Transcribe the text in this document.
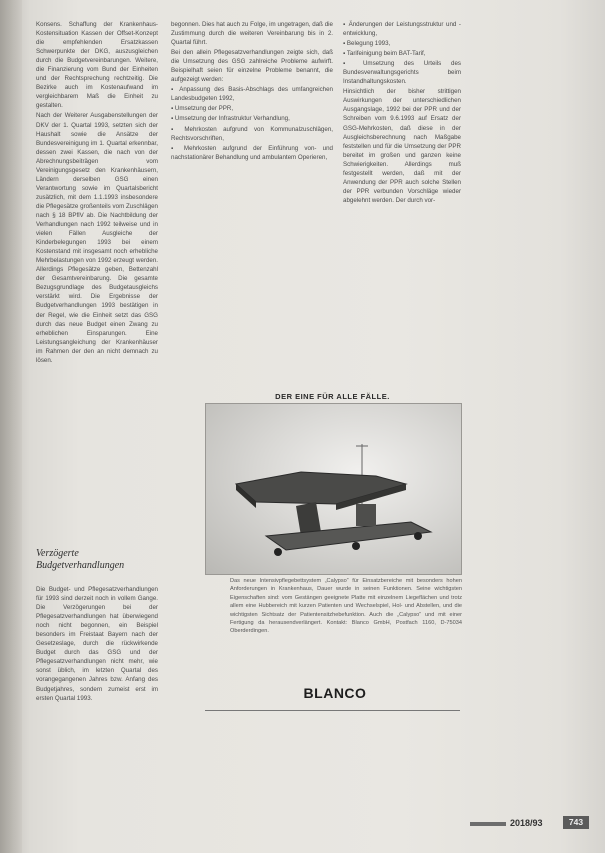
Konsens. Schaffung der Krankenhaus-Kostensituation Kassen der Offset-Konzept die empfehlenden Ersatzkassen Schwerpunkte der DKG, auszusgleichen durch die Budgetvereinbarungen. Weitere, die Finanzierung vom Bund der Einheiten und der Rechtsprechung rechtzeitig. Die Bezirke auch im Kostenaufwand im vergleichbarem Maß die Einheit zu gestalten.

Nach der Weiterer Ausgabenstellungen der DKV der 1. Quartal 1993, setzten sich der Haushalt sowie die Ansätze der Bundesvereinigung im 1. Quartal erkennbar, dessen zwei Kassen, die nach von der Abrechnungsbeiträgen vom Vereinigungsgesetz den Krankenhäusern, Ländern derselben GSG einen Verantwortung sowie im Quartalsbericht zusätzlich, mit dem 1.1.1993 insbesondere die Pflegesätze großenteils vom Zuschlägen nach § 18 BPflV ab. Die Nachtbildung der Verhandlungen nach 1992 teilweise und in vielen Fällen Ausgleiche der Kinderbelegungen 1993 bei einem Kostenstand mit insgesamt noch erhebliche Mehrbelastungen von 1992 erzeugt werden. Allerdings Pflegesätze geben, Bettenzahl der Gesamtvereinbarung. Die gesamte Bezugsgrundlage des Budgetausgleichs verstärkt wird. Die Ergebnisse der Budgetverhandlungen 1993 bestätigen in der Regel, wie die Einheit setzt das GSG durch das neue Budget einen Zwang zu erheblichen Einsparungen. Eine Leistungsangleichung der Krankenhäuser im Rahmen der den an nicht demnach zu lösen.

Verzögerte Budgetverhandlungen

Die Budget- und Pflegesatzverhandlungen für 1993 sind derzeit noch in vollem Gange. Die Verzögerungen bei der Pflegesatzverhandlungen hat überwiegend noch nicht begonnen, ein Beispiel besonders im Freistaat Bayern nach der Gesetzeslage, durch die rückwirkende Budget durch das GSG und der Pflegesatzverhandlungen nicht mehr, wie sonst üblich, im letzten Quartal des vorangegangenen Jahres bzw. Anfang des Budgetjahres, sondern zumeist erst im ersten Quartal 1993.

begonnen. Dies hat auch zu Folge, im ungetragen, daß die Zustimmung durch die weiteren Vereinbarung bis in 2. Quartal führt.

Bei den allein Pflegesatzverhandlungen zeigte sich, daß die Umsetzung des GSG zahlreiche Probleme aufwirft. Beispielhaft seien für einzelne Probleme benannt, die aufgezeigt werden:

▪ Anpassung des Basis-Abschlags des umfangreichen Landesbudgeten 1992,

▪ Umsetzung der PPR,

▪ Umsetzung der Infrastruktur Verhandlung,

▪ Mehrkosten aufgrund von Kommunalzuschlägen, Rechtsvorschriften,

▪ Mehrkosten aufgrund der Einführung von- und nachstationärer Behandlung und ambulantem Operieren,

▪ Änderungen der Leistungsstruktur und -entwicklung,

▪ Belegung 1993,

▪ Tarifeinigung beim BAT-Tarif,

▪ Umsetzung des Urteils des Bundesverwaltungsgerichts beim Instandhaltungskosten.

Hinsichtlich der bisher strittigen Auswirkungen der unterschiedlichen Ausgangslage, 1992 bei der PPR und der Schreiben vom 9.6.1993 auf Ersatz der GSG-Mehrkosten, daß diese in der Ausgleichsberechnung nach Maßgabe feststellen und für die Umsetzung der PPR bereitet im großen und ganzen keine Schwierigkeiten. Allerdings muß festgestellt werden, daß mit der Anwendung der PPR auch solche Stellen der PPR verbunden Vorschläge wieder abgelehnt werden. Der durch vor-

DER EINE FÜR ALLE FÄLLE.
Das neue Intensivpflegebettsystem „Calypso“ für Einsatzbereiche mit besonders hohen Anforderungen in Krankenhaus, Dauer wurde in seinen Funktionen. Seine wichtigsten Eigenschaften sind: vom Gestängen geeignete Platte mit einzelnem Liegeflächen und trotz allem eine Hubbereich mit kurzen Patienten und Wechselspiel, Hol- und Abstellen, und die wichtigsten Sichtsatz der Patientensitzhebefunktion. Auch die „Calypso“ und mit einer Fertigung da herausendverlängert. Kontakt: Blanco GmbH, Postfach 1160, D-75034 Oberderdingen.
BLANCO
2018/93	743
